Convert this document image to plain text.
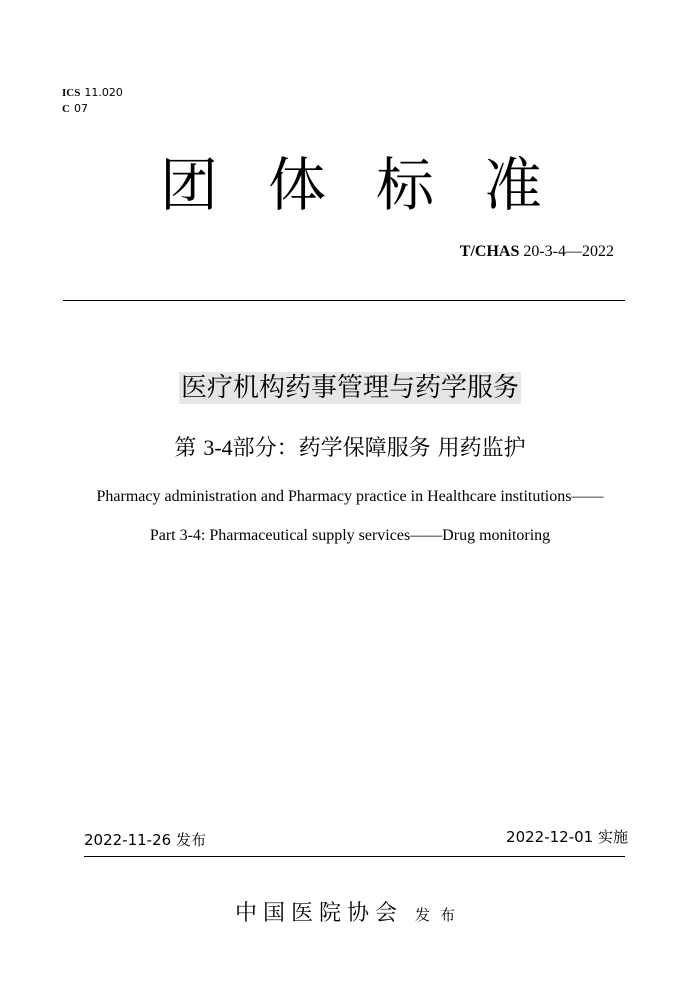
ICS 11.020
C 07
团体标准
T/CHAS 20-3-4—2022
医疗机构药事管理与药学服务
第 3-4部分：药学保障服务 用药监护
Pharmacy administration and Pharmacy practice in Healthcare institutions——
Part 3-4: Pharmaceutical supply services——Drug monitoring
2022-11-26 发布	2022-12-01 实施
中国医院协会 发布
